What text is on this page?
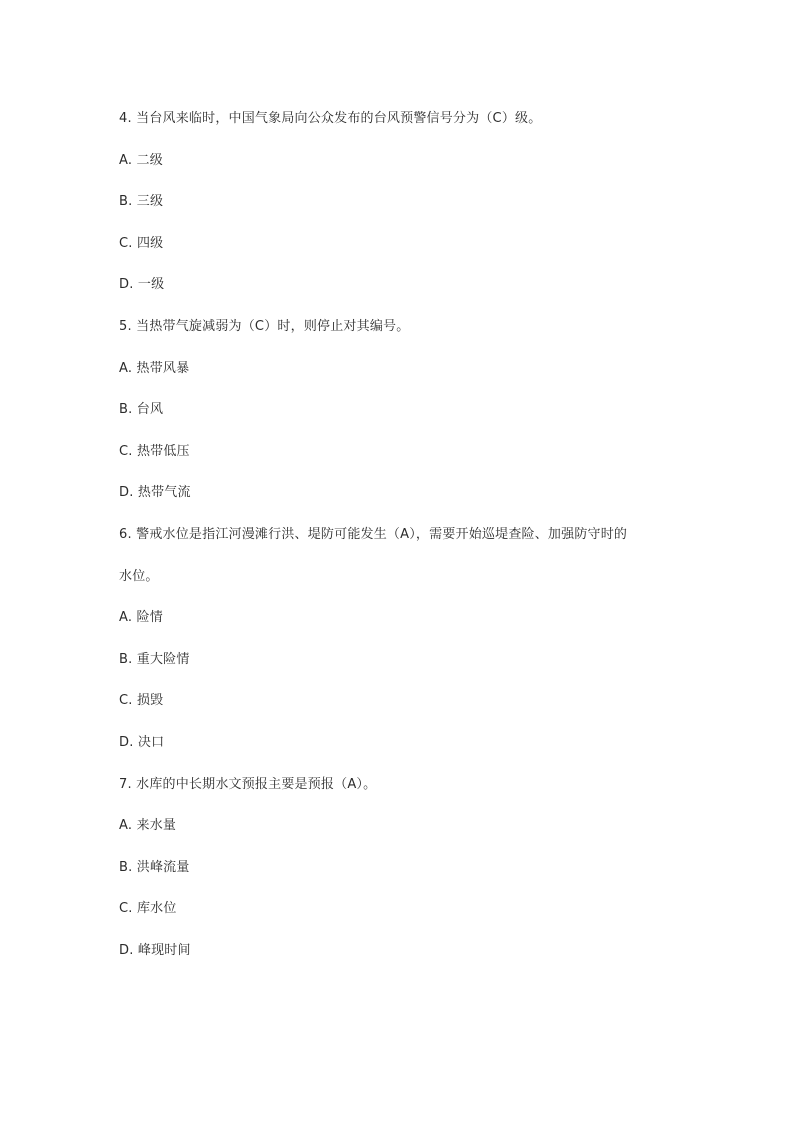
4. 当台风来临时，中国气象局向公众发布的台风预警信号分为（C）级。
A. 二级
B. 三级
C. 四级
D. 一级
5. 当热带气旋减弱为（C）时，则停止对其编号。
A. 热带风暴
B. 台风
C. 热带低压
D. 热带气流
6. 警戒水位是指江河漫滩行洪、堤防可能发生（A），需要开始巡堤查险、加强防守时的
水位。
A. 险情
B. 重大险情
C. 损毁
D. 决口
7. 水库的中长期水文预报主要是预报（A）。
A. 来水量
B. 洪峰流量
C. 库水位
D. 峰现时间
